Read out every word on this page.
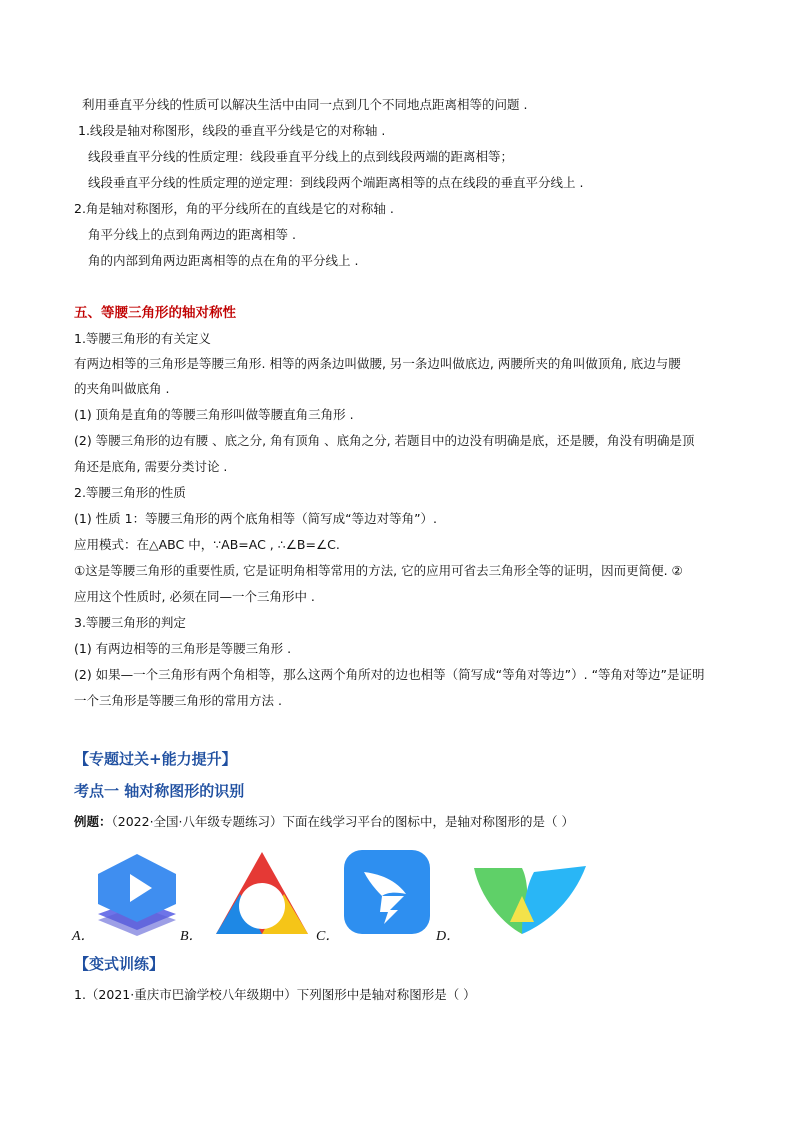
利用垂直平分线的性质可以解决生活中由同一点到几个不同地点距离相等的问题 .
1.线段是轴对称图形，线段的垂直平分线是它的对称轴 .
线段垂直平分线的性质定理：线段垂直平分线上的点到线段两端的距离相等；
线段垂直平分线的性质定理的逆定理：到线段两个端距离相等的点在线段的垂直平分线上 .
2.角是轴对称图形，角的平分线所在的直线是它的对称轴 .
角平分线上的点到角两边的距离相等 .
角的内部到角两边距离相等的点在角的平分线上 .
五、等腰三角形的轴对称性
1.等腰三角形的有关定义
有两边相等的三角形是等腰三角形. 相等的两条边叫做腰, 另一条边叫做底边, 两腰所夹的角叫做顶角, 底边与腰
的夹角叫做底角 .
(1) 顶角是直角的等腰三角形叫做等腰直角三角形 .
(2) 等腰三角形的边有腰 、底之分, 角有顶角 、底角之分, 若题目中的边没有明确是底，还是腰，角没有明确是顶
角还是底角, 需要分类讨论 .
2.等腰三角形的性质
(1) 性质 1：等腰三角形的两个底角相等（简写成“等边对等角”）.
应用模式：在△ABC 中，∵AB=AC , ∴∠B=∠C.
①这是等腰三角形的重要性质, 它是证明角相等常用的方法, 它的应用可省去三角形全等的证明，因而更简便. ②
应用这个性质时, 必须在同—一个三角形中 .
3.等腰三角形的判定
(1) 有两边相等的三角形是等腰三角形 .
(2) 如果—一个三角形有两个角相等，那么这两个角所对的边也相等（简写成“等角对等边”）. “等角对等边”是证明
一个三角形是等腰三角形的常用方法 .
【专题过关+能力提升】
考点一 轴对称图形的识别
例题：（2022·全国·八年级专题练习）下面在线学习平台的图标中，是轴对称图形的是（ ）
A．	B．	C．	D．
【变式训练】
1.（2021·重庆市巴渝学校八年级期中）下列图形中是轴对称图形是（ ）
